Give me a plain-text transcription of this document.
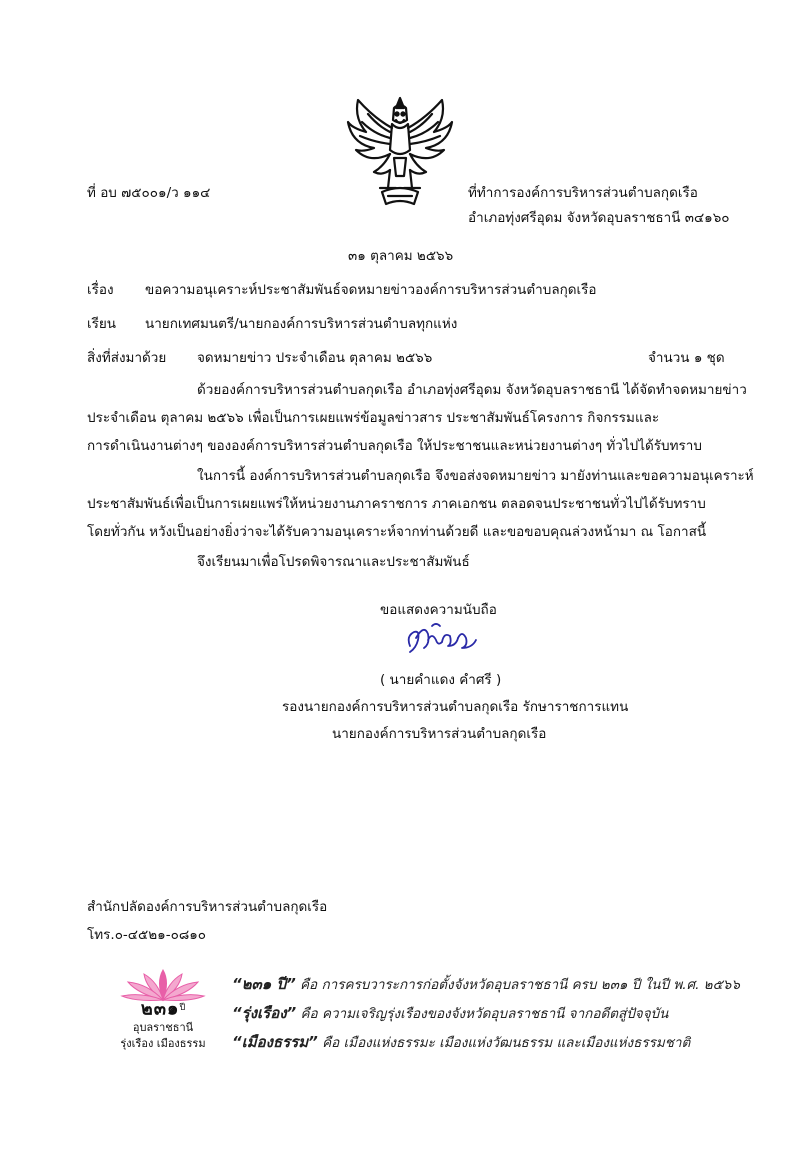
ที่ อบ ๗๕๐๐๑/ว ๑๑๔	ที่ทำการองค์การบริหารส่วนตำบลกุดเรือ
อำเภอทุ่งศรีอุดม จังหวัดอุบลราชธานี ๓๔๑๖๐
๓๑ ตุลาคม ๒๕๖๖
เรื่อง ขอความอนุเคราะห์ประชาสัมพันธ์จดหมายข่าวองค์การบริหารส่วนตำบลกุดเรือ
เรียน นายกเทศมนตรี/นายกองค์การบริหารส่วนตำบลทุกแห่ง
สิ่งที่ส่งมาด้วย จดหมายข่าว ประจำเดือน ตุลาคม ๒๕๖๖	จำนวน ๑ ชุด
ด้วยองค์การบริหารส่วนตำบลกุดเรือ อำเภอทุ่งศรีอุดม จังหวัดอุบลราชธานี ได้จัดทำจดหมายข่าว
ประจำเดือน ตุลาคม ๒๕๖๖ เพื่อเป็นการเผยแพร่ข้อมูลข่าวสาร ประชาสัมพันธ์โครงการ กิจกรรมและ
การดำเนินงานต่างๆ ขององค์การบริหารส่วนตำบลกุดเรือ ให้ประชาชนและหน่วยงานต่างๆ ทั่วไปได้รับทราบ
ในการนี้ องค์การบริหารส่วนตำบลกุดเรือ จึงขอส่งจดหมายข่าว มายังท่านและขอความอนุเคราะห์
ประชาสัมพันธ์เพื่อเป็นการเผยแพร่ให้หน่วยงานภาคราชการ ภาคเอกชน ตลอดจนประชาชนทั่วไปได้รับทราบ
โดยทั่วกัน หวังเป็นอย่างยิ่งว่าจะได้รับความอนุเคราะห์จากท่านด้วยดี และขอขอบคุณล่วงหน้ามา ณ โอกาสนี้
จึงเรียนมาเพื่อโปรดพิจารณาและประชาสัมพันธ์
ขอแสดงความนับถือ
( นายคำแดง คำศรี )
รองนายกองค์การบริหารส่วนตำบลกุดเรือ รักษาราชการแทน
นายกองค์การบริหารส่วนตำบลกุดเรือ
สำนักปลัดองค์การบริหารส่วนตำบลกุดเรือ
โทร.๐-๔๕๒๑-๐๘๑๐
๒๓๑$^{ปี}$
อุบลราชธานี
รุ่งเรือง เมืองธรรม
“๒๓๑ ปี” คือ การครบวาระการก่อตั้งจังหวัดอุบลราชธานี ครบ ๒๓๑ ปี ในปี พ.ศ. ๒๕๖๖
“รุ่งเรือง” คือ ความเจริญรุ่งเรืองของจังหวัดอุบลราชธานี จากอดีตสู่ปัจจุบัน
“เมืองธรรม” คือ เมืองแห่งธรรมะ เมืองแห่งวัฒนธรรม และเมืองแห่งธรรมชาติ
